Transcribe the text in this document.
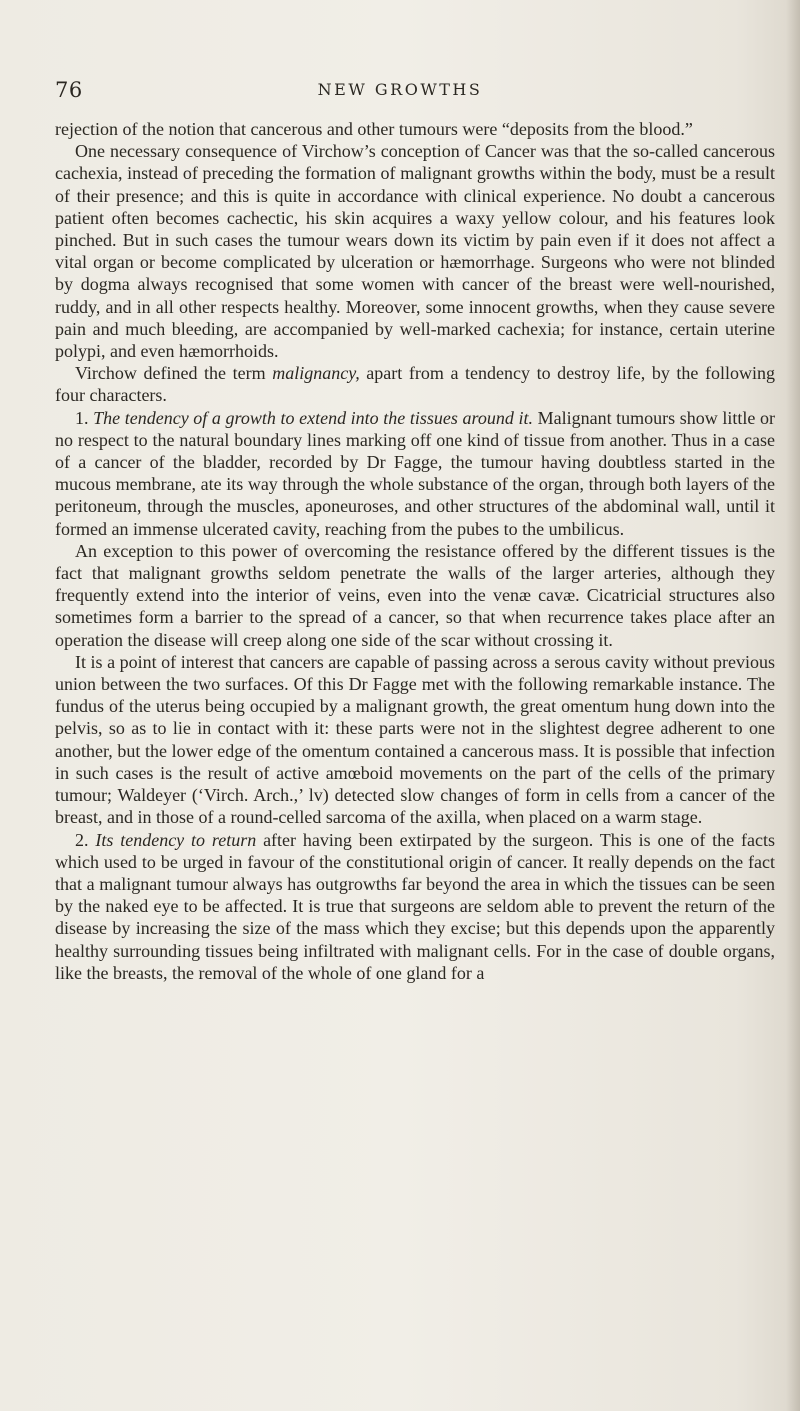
76	NEW GROWTHS

rejection of the notion that cancerous and other tumours were “deposits from the blood.”

One necessary consequence of Virchow’s conception of Cancer was that the so-called cancerous cachexia, instead of preceding the formation of malignant growths within the body, must be a result of their presence; and this is quite in accordance with clinical experience. No doubt a cancerous patient often becomes cachectic, his skin acquires a waxy yellow colour, and his features look pinched. But in such cases the tumour wears down its victim by pain even if it does not affect a vital organ or become complicated by ulceration or hæmorrhage. Surgeons who were not blinded by dogma always recognised that some women with cancer of the breast were well-nourished, ruddy, and in all other respects healthy. Moreover, some innocent growths, when they cause severe pain and much bleeding, are accompanied by well-marked cachexia; for instance, certain uterine polypi, and even hæmorrhoids.

Virchow defined the term malignancy, apart from a tendency to destroy life, by the following four characters.

1. The tendency of a growth to extend into the tissues around it. Malignant tumours show little or no respect to the natural boundary lines marking off one kind of tissue from another. Thus in a case of a cancer of the bladder, recorded by Dr Fagge, the tumour having doubtless started in the mucous membrane, ate its way through the whole substance of the organ, through both layers of the peritoneum, through the muscles, aponeuroses, and other structures of the abdominal wall, until it formed an immense ulcerated cavity, reaching from the pubes to the umbilicus.

An exception to this power of overcoming the resistance offered by the different tissues is the fact that malignant growths seldom penetrate the walls of the larger arteries, although they frequently extend into the interior of veins, even into the venæ cavæ. Cicatricial structures also sometimes form a barrier to the spread of a cancer, so that when recurrence takes place after an operation the disease will creep along one side of the scar without crossing it.

It is a point of interest that cancers are capable of passing across a serous cavity without previous union between the two surfaces. Of this Dr Fagge met with the following remarkable instance. The fundus of the uterus being occupied by a malignant growth, the great omentum hung down into the pelvis, so as to lie in contact with it: these parts were not in the slightest degree adherent to one another, but the lower edge of the omentum contained a cancerous mass. It is possible that infection in such cases is the result of active amœboid movements on the part of the cells of the primary tumour; Waldeyer (‘Virch. Arch.,’ lv) detected slow changes of form in cells from a cancer of the breast, and in those of a round-celled sarcoma of the axilla, when placed on a warm stage.

2. Its tendency to return after having been extirpated by the surgeon. This is one of the facts which used to be urged in favour of the constitutional origin of cancer. It really depends on the fact that a malignant tumour always has outgrowths far beyond the area in which the tissues can be seen by the naked eye to be affected. It is true that surgeons are seldom able to prevent the return of the disease by increasing the size of the mass which they excise; but this depends upon the apparently healthy surrounding tissues being infiltrated with malignant cells. For in the case of double organs, like the breasts, the removal of the whole of one gland for a
